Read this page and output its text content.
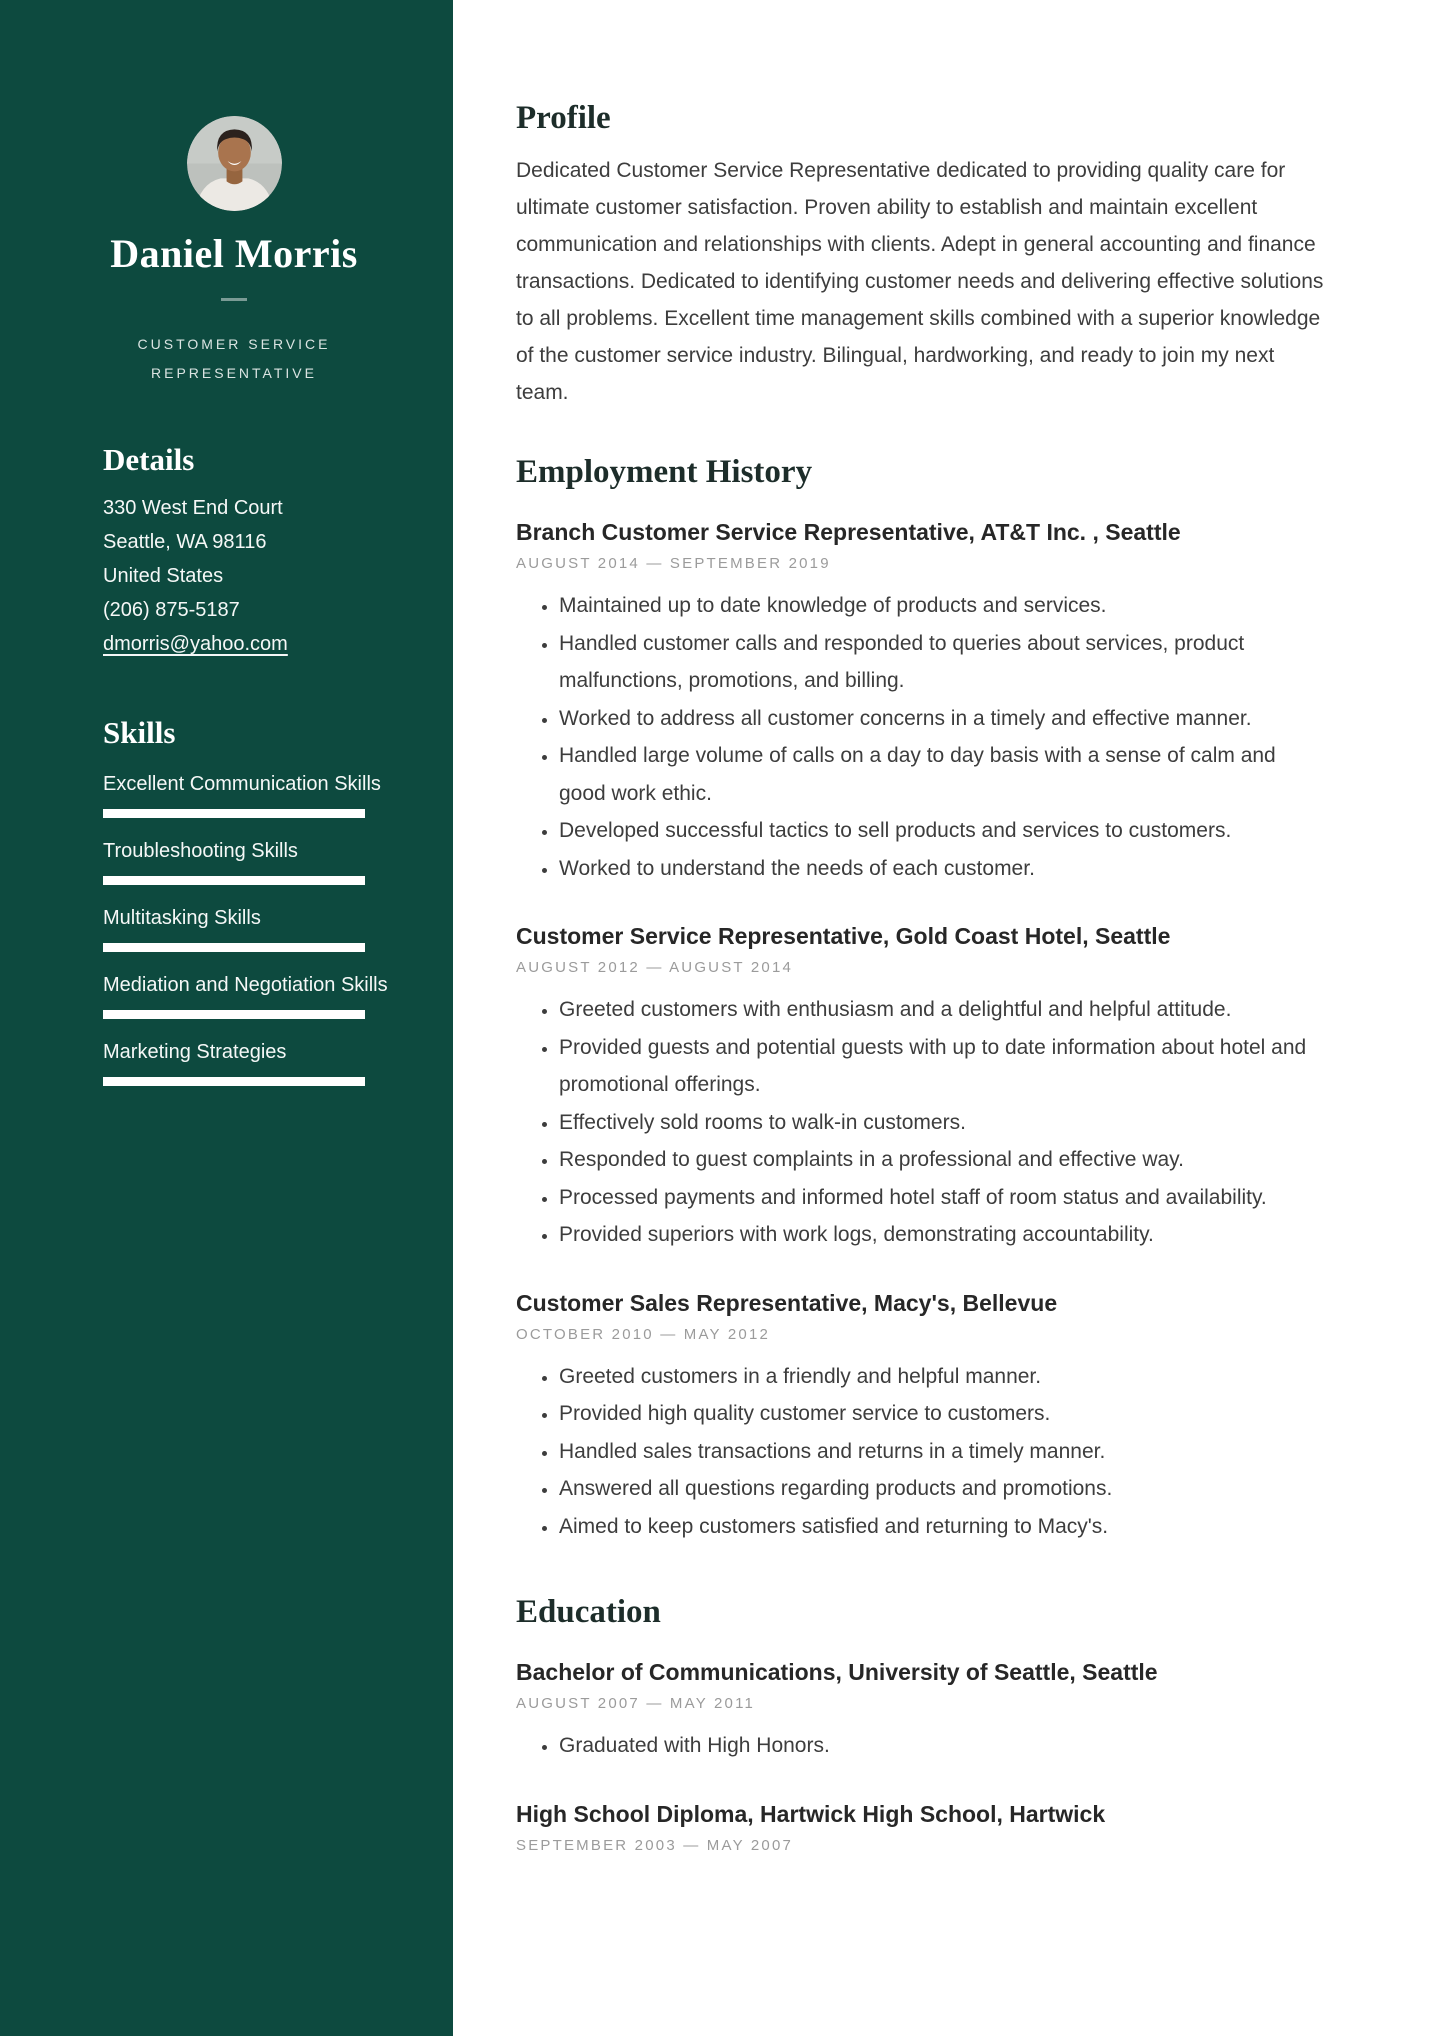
Daniel Morris
CUSTOMER SERVICE REPRESENTATIVE
Details
330 West End Court
Seattle, WA 98116
United States
(206) 875-5187
dmorris@yahoo.com
Skills
Excellent Communication Skills
Troubleshooting Skills
Multitasking Skills
Mediation and Negotiation Skills
Marketing Strategies
Profile

Dedicated Customer Service Representative dedicated to providing quality care for ultimate customer satisfaction. Proven ability to establish and maintain excellent communication and relationships with clients. Adept in general accounting and finance transactions. Dedicated to identifying customer needs and delivering effective solutions to all problems. Excellent time management skills combined with a superior knowledge of the customer service industry. Bilingual, hardworking, and ready to join my next team.

Employment History
Branch Customer Service Representative, AT&T Inc. , Seattle
AUGUST 2014 — SEPTEMBER 2019
• Maintained up to date knowledge of products and services.
• Handled customer calls and responded to queries about services, product malfunctions, promotions, and billing.
• Worked to address all customer concerns in a timely and effective manner.
• Handled large volume of calls on a day to day basis with a sense of calm and good work ethic.
• Developed successful tactics to sell products and services to customers.
• Worked to understand the needs of each customer.
Customer Service Representative, Gold Coast Hotel, Seattle
AUGUST 2012 — AUGUST 2014
• Greeted customers with enthusiasm and a delightful and helpful attitude.
• Provided guests and potential guests with up to date information about hotel and promotional offerings.
• Effectively sold rooms to walk-in customers.
• Responded to guest complaints in a professional and effective way.
• Processed payments and informed hotel staff of room status and availability.
• Provided superiors with work logs, demonstrating accountability.
Customer Sales Representative, Macy's, Bellevue
OCTOBER 2010 — MAY 2012
• Greeted customers in a friendly and helpful manner.
• Provided high quality customer service to customers.
• Handled sales transactions and returns in a timely manner.
• Answered all questions regarding products and promotions.
• Aimed to keep customers satisfied and returning to Macy's.
Education
Bachelor of Communications, University of Seattle, Seattle
AUGUST 2007 — MAY 2011
• Graduated with High Honors.
High School Diploma, Hartwick High School, Hartwick
SEPTEMBER 2003 — MAY 2007
